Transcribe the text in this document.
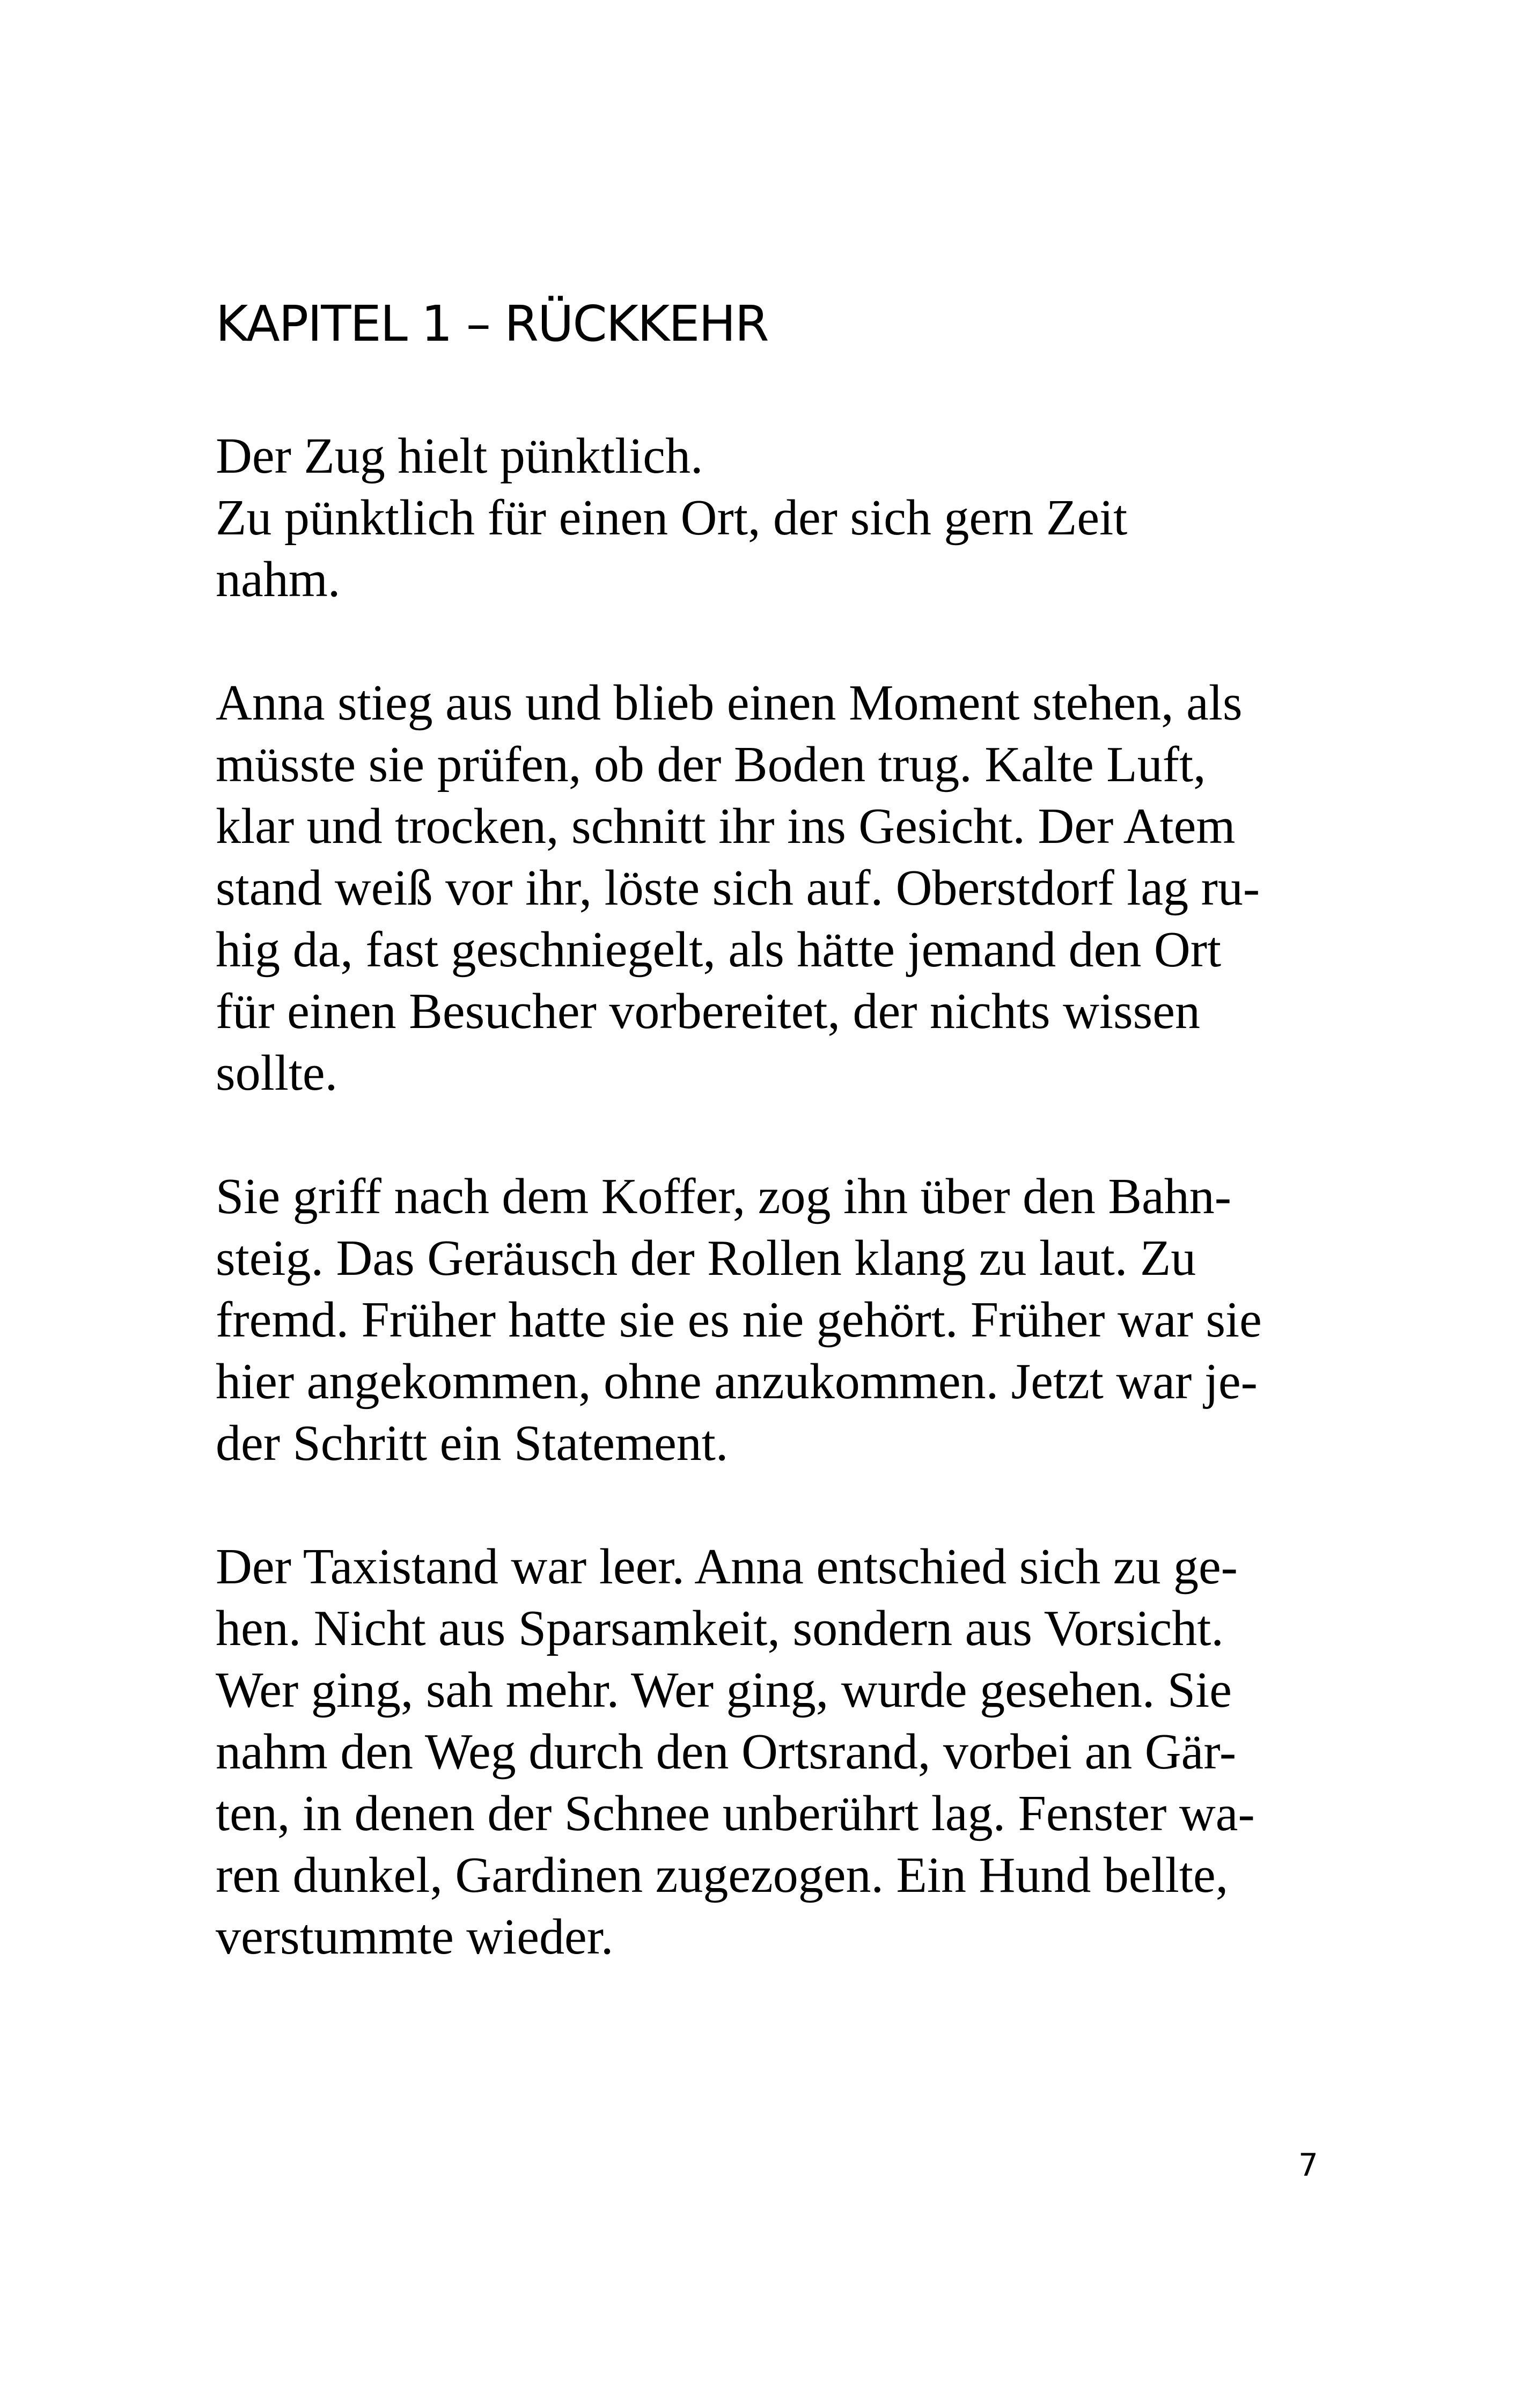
KAPITEL 1 – RÜCKKEHR

Der Zug hielt pünktlich.
Zu pünktlich für einen Ort, der sich gern Zeit
nahm.

Anna stieg aus und blieb einen Moment stehen, als
müsste sie prüfen, ob der Boden trug. Kalte Luft,
klar und trocken, schnitt ihr ins Gesicht. Der Atem
stand weiß vor ihr, löste sich auf. Oberstdorf lag ru-
hig da, fast geschniegelt, als hätte jemand den Ort
für einen Besucher vorbereitet, der nichts wissen
sollte.

Sie griff nach dem Koffer, zog ihn über den Bahn-
steig. Das Geräusch der Rollen klang zu laut. Zu
fremd. Früher hatte sie es nie gehört. Früher war sie
hier angekommen, ohne anzukommen. Jetzt war je-
der Schritt ein Statement.

Der Taxistand war leer. Anna entschied sich zu ge-
hen. Nicht aus Sparsamkeit, sondern aus Vorsicht.
Wer ging, sah mehr. Wer ging, wurde gesehen. Sie
nahm den Weg durch den Ortsrand, vorbei an Gär-
ten, in denen der Schnee unberührt lag. Fenster wa-
ren dunkel, Gardinen zugezogen. Ein Hund bellte,
verstummte wieder.

7
